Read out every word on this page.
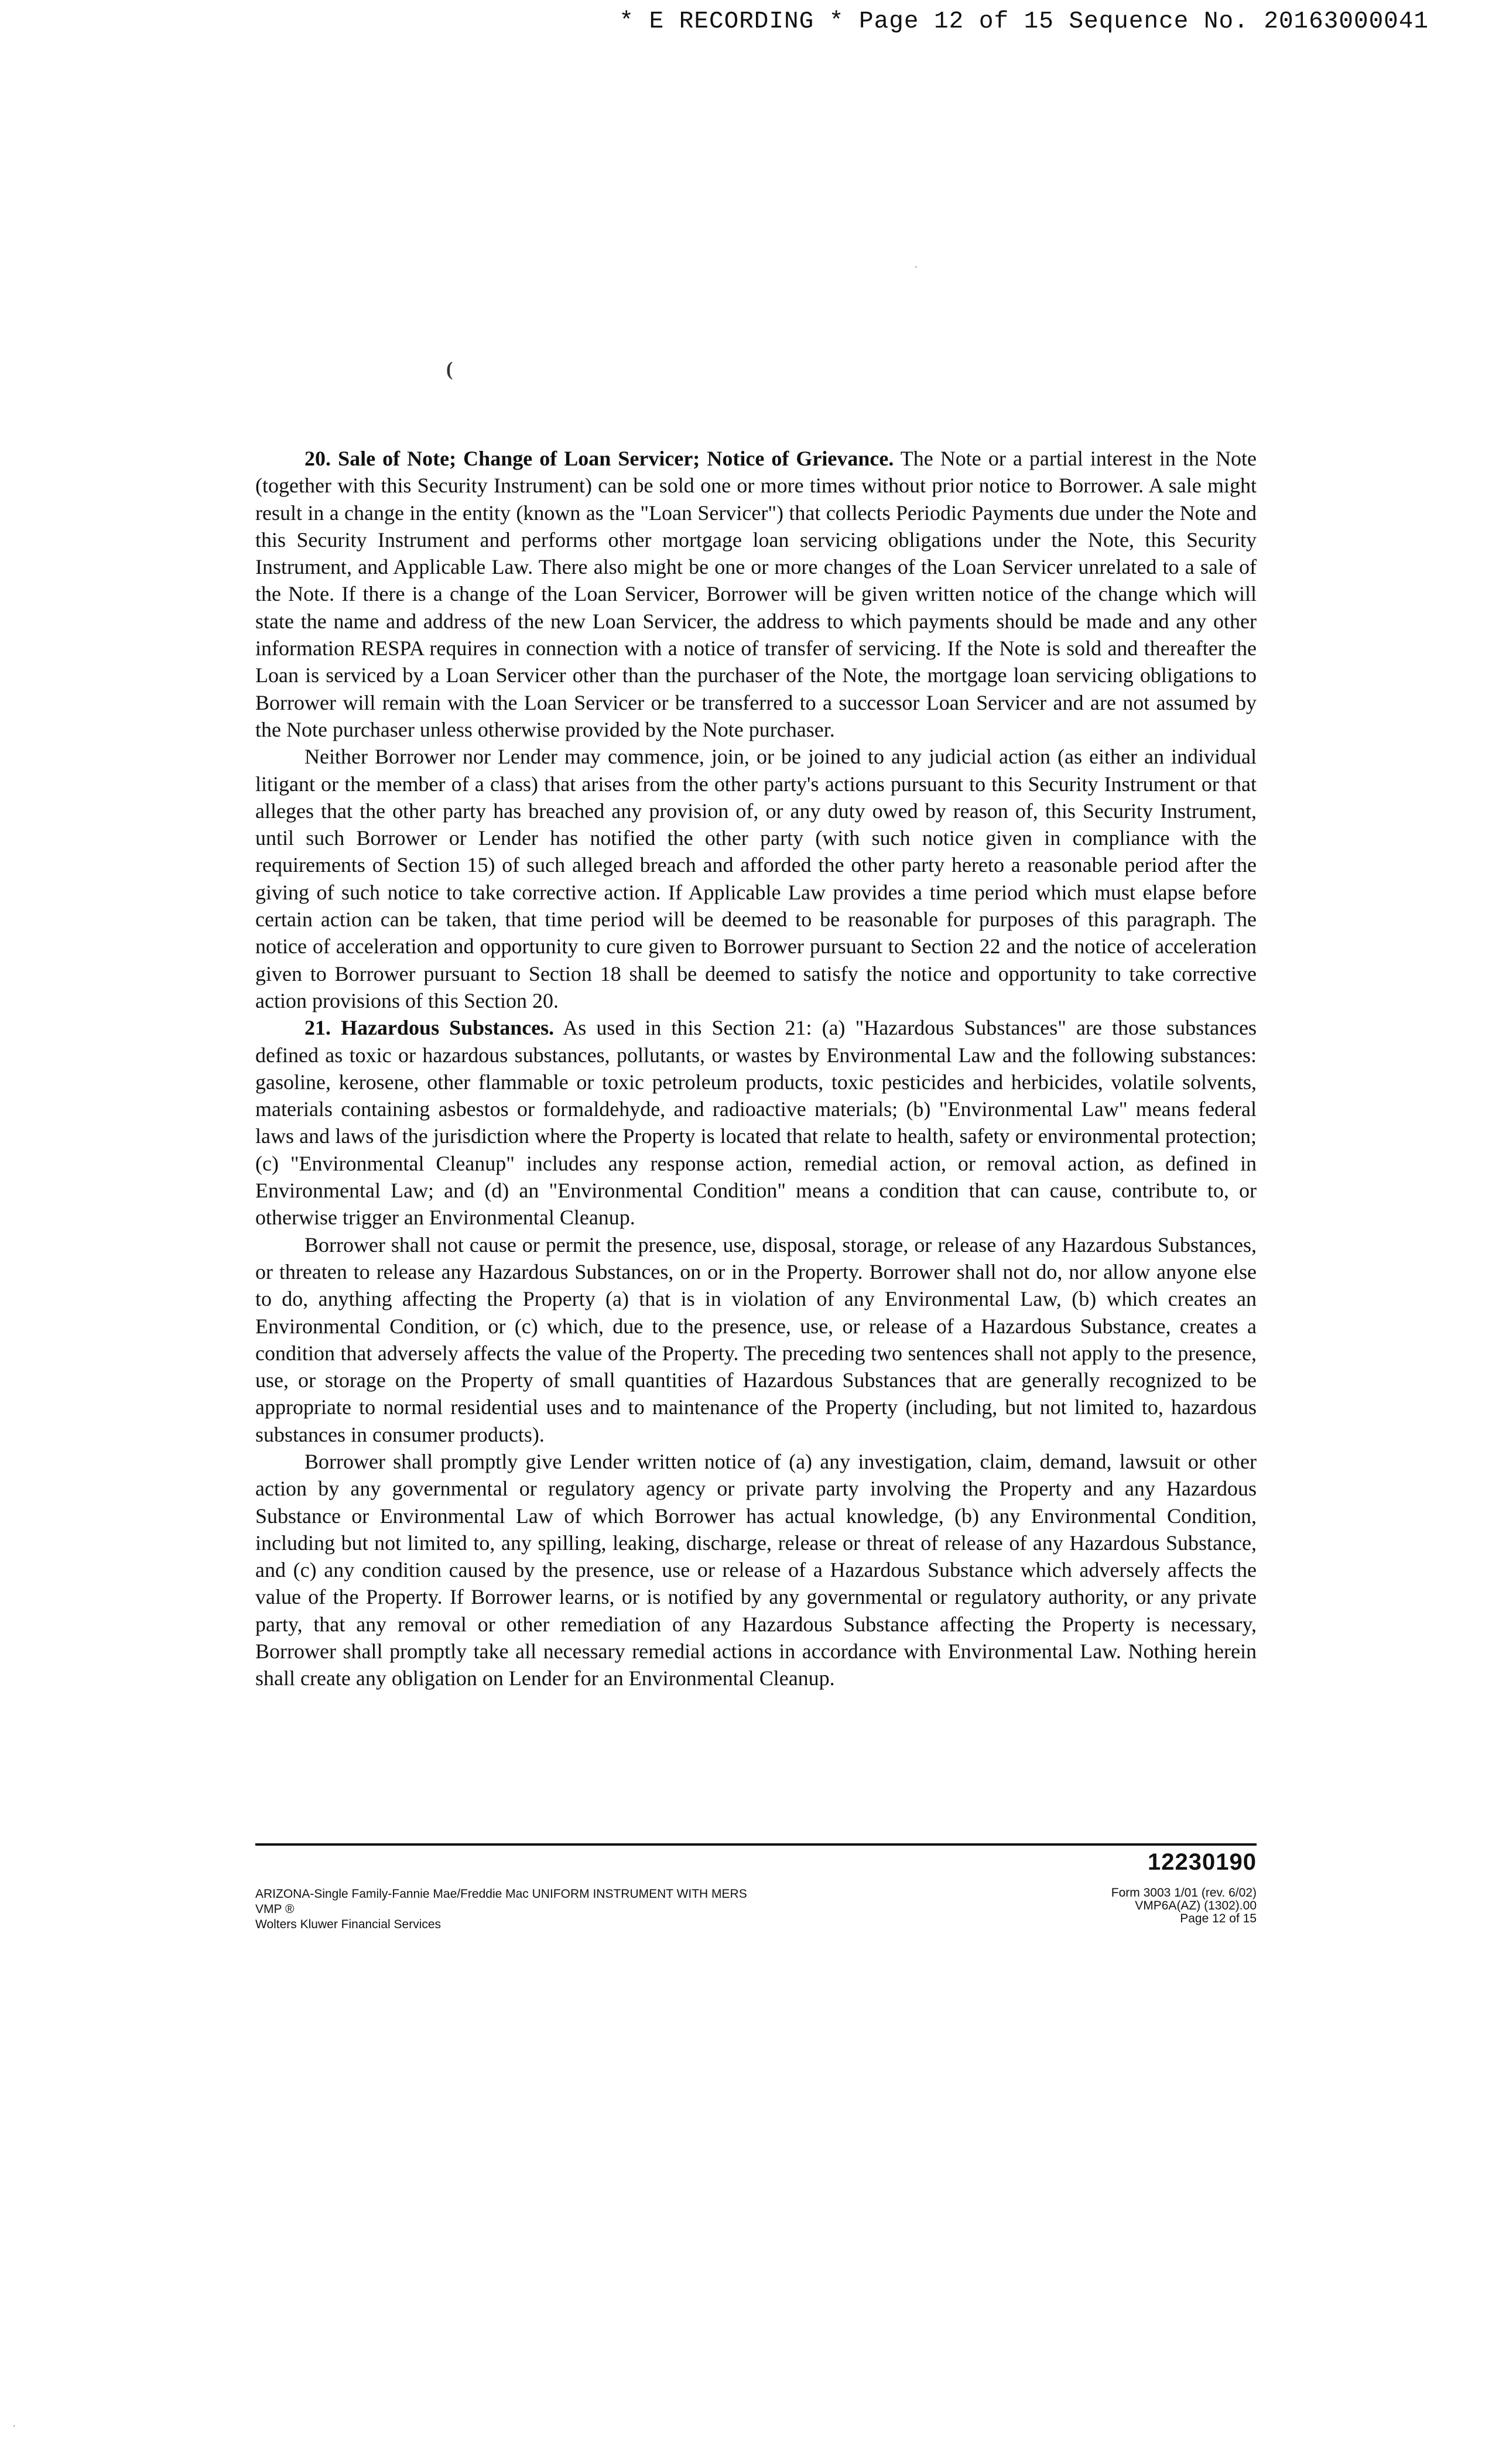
* E RECORDING * Page 12 of 15 Sequence No. 20163000041
(
.
.

20. Sale of Note; Change of Loan Servicer; Notice of Grievance. The Note or a partial interest in the Note (together with this Security Instrument) can be sold one or more times without prior notice to Borrower. A sale might result in a change in the entity (known as the "Loan Servicer") that collects Periodic Payments due under the Note and this Security Instrument and performs other mortgage loan servicing obligations under the Note, this Security Instrument, and Applicable Law. There also might be one or more changes of the Loan Servicer unrelated to a sale of the Note. If there is a change of the Loan Servicer, Borrower will be given written notice of the change which will state the name and address of the new Loan Servicer, the address to which payments should be made and any other information RESPA requires in connection with a notice of transfer of servicing. If the Note is sold and thereafter the Loan is serviced by a Loan Servicer other than the purchaser of the Note, the mortgage loan servicing obligations to Borrower will remain with the Loan Servicer or be transferred to a successor Loan Servicer and are not assumed by the Note purchaser unless otherwise provided by the Note purchaser.

Neither Borrower nor Lender may commence, join, or be joined to any judicial action (as either an individual litigant or the member of a class) that arises from the other party's actions pursuant to this Security Instrument or that alleges that the other party has breached any provision of, or any duty owed by reason of, this Security Instrument, until such Borrower or Lender has notified the other party (with such notice given in compliance with the requirements of Section 15) of such alleged breach and afforded the other party hereto a reasonable period after the giving of such notice to take corrective action. If Applicable Law provides a time period which must elapse before certain action can be taken, that time period will be deemed to be reasonable for purposes of this paragraph. The notice of acceleration and opportunity to cure given to Borrower pursuant to Section 22 and the notice of acceleration given to Borrower pursuant to Section 18 shall be deemed to satisfy the notice and opportunity to take corrective action provisions of this Section 20.

21. Hazardous Substances. As used in this Section 21: (a) "Hazardous Substances" are those substances defined as toxic or hazardous substances, pollutants, or wastes by Environmental Law and the following substances: gasoline, kerosene, other flammable or toxic petroleum products, toxic pesticides and herbicides, volatile solvents, materials containing asbestos or formaldehyde, and radioactive materials; (b) "Environmental Law" means federal laws and laws of the jurisdiction where the Property is located that relate to health, safety or environmental protection; (c) "Environmental Cleanup" includes any response action, remedial action, or removal action, as defined in Environmental Law; and (d) an "Environmental Condition" means a condition that can cause, contribute to, or otherwise trigger an Environmental Cleanup.

Borrower shall not cause or permit the presence, use, disposal, storage, or release of any Hazardous Substances, or threaten to release any Hazardous Substances, on or in the Property. Borrower shall not do, nor allow anyone else to do, anything affecting the Property (a) that is in violation of any Environmental Law, (b) which creates an Environmental Condition, or (c) which, due to the presence, use, or release of a Hazardous Substance, creates a condition that adversely affects the value of the Property. The preceding two sentences shall not apply to the presence, use, or storage on the Property of small quantities of Hazardous Substances that are generally recognized to be appropriate to normal residential uses and to maintenance of the Property (including, but not limited to, hazardous substances in consumer products).

Borrower shall promptly give Lender written notice of (a) any investigation, claim, demand, lawsuit or other action by any governmental or regulatory agency or private party involving the Property and any Hazardous Substance or Environmental Law of which Borrower has actual knowledge, (b) any Environmental Condition, including but not limited to, any spilling, leaking, discharge, release or threat of release of any Hazardous Substance, and (c) any condition caused by the presence, use or release of a Hazardous Substance which adversely affects the value of the Property. If Borrower learns, or is notified by any governmental or regulatory authority, or any private party, that any removal or other remediation of any Hazardous Substance affecting the Property is necessary, Borrower shall promptly take all necessary remedial actions in accordance with Environmental Law. Nothing herein shall create any obligation on Lender for an Environmental Cleanup.

12230190
ARIZONA-Single Family-Fannie Mae/Freddie Mac UNIFORM INSTRUMENT WITH MERS
VMP ®
Wolters Kluwer Financial Services
Form 3003 1/01 (rev. 6/02)
VMP6A(AZ) (1302).00
Page 12 of 15
